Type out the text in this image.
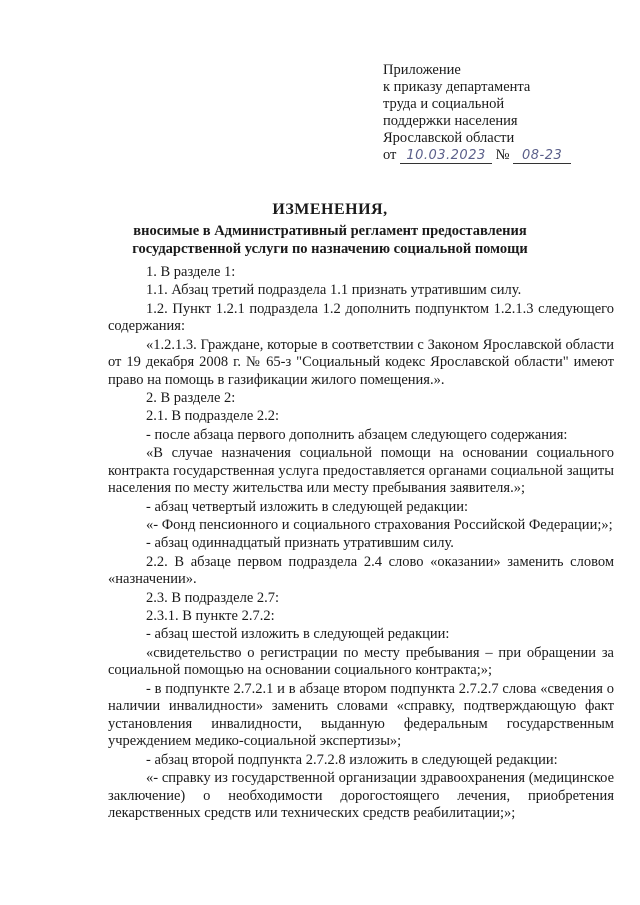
Приложение
к приказу департамента
труда и социальной
поддержки населения
Ярославской области
от 10.03.2023 № 08-23
ИЗМЕНЕНИЯ,
вносимые в Административный регламент предоставления
государственной услуги по назначению социальной помощи

1. В разделе 1:

1.1. Абзац третий подраздела 1.1 признать утратившим силу.

1.2. Пункт 1.2.1 подраздела 1.2 дополнить подпунктом 1.2.1.3 следующего содержания:

«1.2.1.3. Граждане, которые в соответствии с Законом Ярославской области от 19 декабря 2008 г. № 65-з "Социальный кодекс Ярославской области" имеют право на помощь в газификации жилого помещения.».

2. В разделе 2:

2.1. В подразделе 2.2:

- после абзаца первого дополнить абзацем следующего содержания:

«В случае назначения социальной помощи на основании социального контракта государственная услуга предоставляется органами социальной защиты населения по месту жительства или месту пребывания заявителя.»;

- абзац четвертый изложить в следующей редакции:

«- Фонд пенсионного и социального страхования Российской Федерации;»;

- абзац одиннадцатый признать утратившим силу.

2.2. В абзаце первом подраздела 2.4 слово «оказании» заменить словом «назначении».

2.3. В подразделе 2.7:

2.3.1. В пункте 2.7.2:

- абзац шестой изложить в следующей редакции:

«свидетельство о регистрации по месту пребывания – при обращении за социальной помощью на основании социального контракта;»;

- в подпункте 2.7.2.1 и в абзаце втором подпункта 2.7.2.7 слова «сведения о наличии инвалидности» заменить словами «справку, подтверждающую факт установления инвалидности, выданную федеральным государственным учреждением медико-социальной экспертизы»;

- абзац второй подпункта 2.7.2.8 изложить в следующей редакции:

«- справку из государственной организации здравоохранения (медицинское заключение) о необходимости дорогостоящего лечения, приобретения лекарственных средств или технических средств реабилитации;»;
